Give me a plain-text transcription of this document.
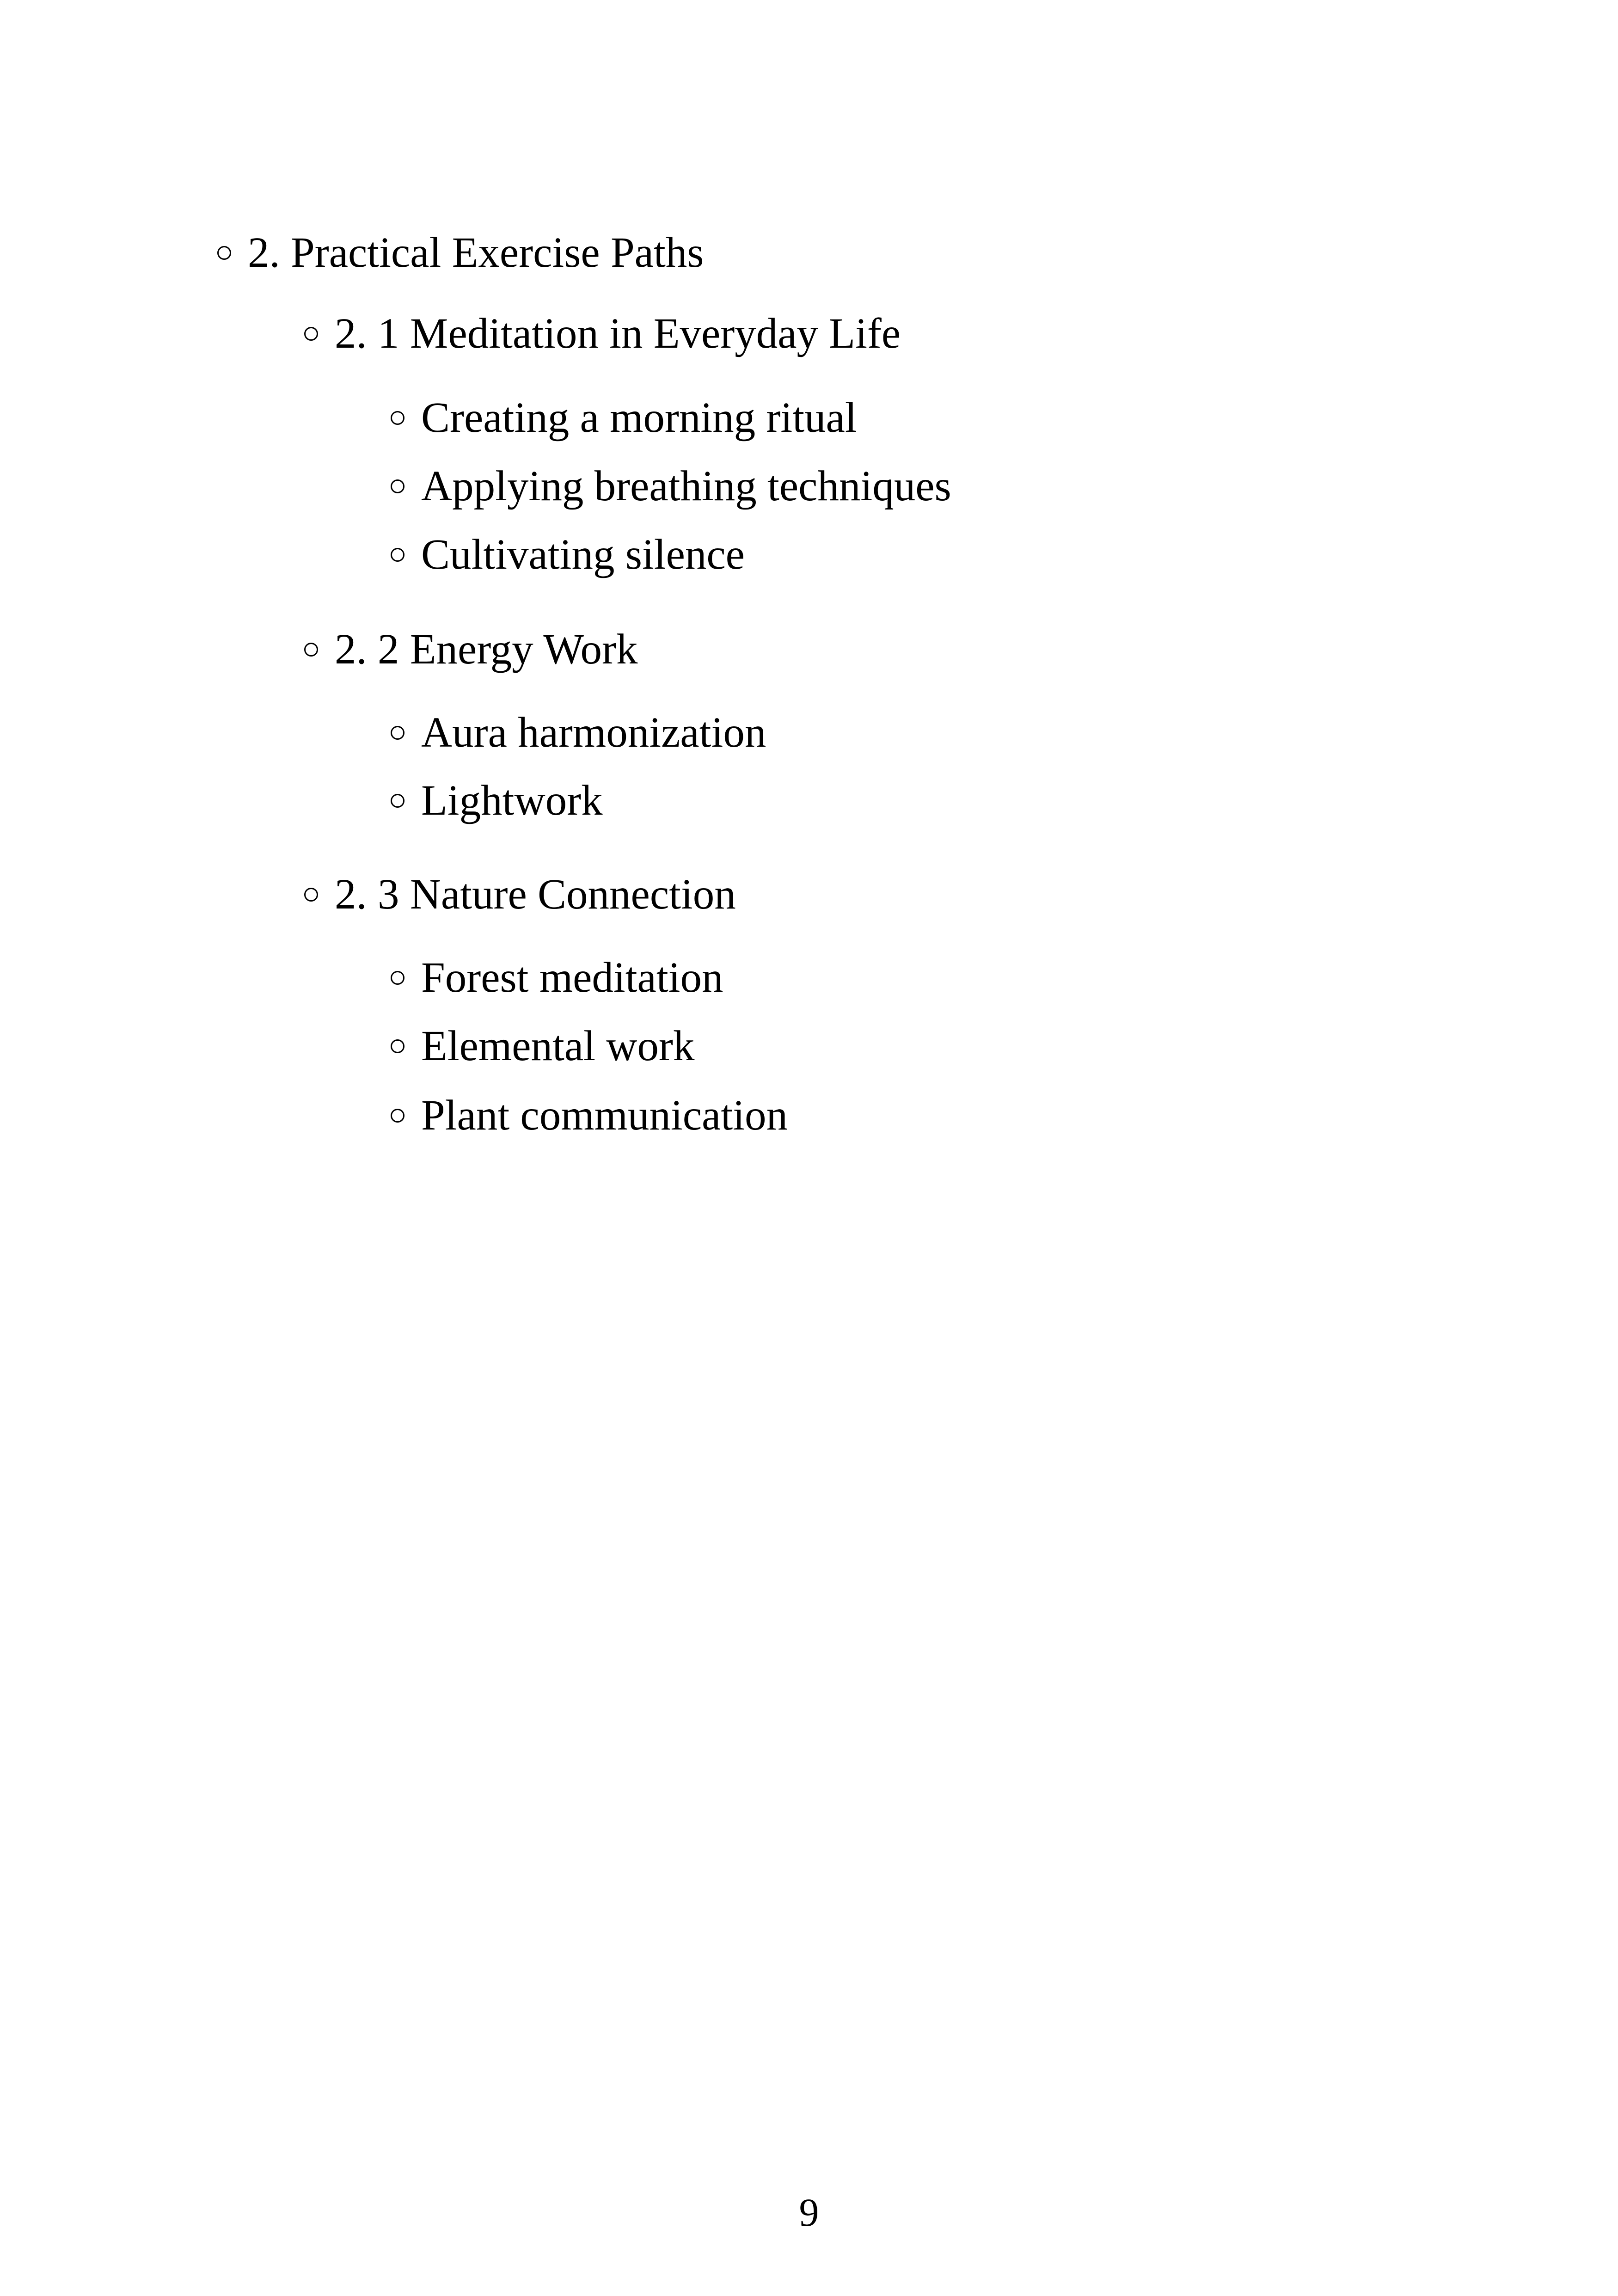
2. Practical Exercise Paths
2. 1 Meditation in Everyday Life
Creating a morning ritual
Applying breathing techniques
Cultivating silence
2. 2 Energy Work
Aura harmonization
Lightwork
2. 3 Nature Connection
Forest meditation
Elemental work
Plant communication
9
